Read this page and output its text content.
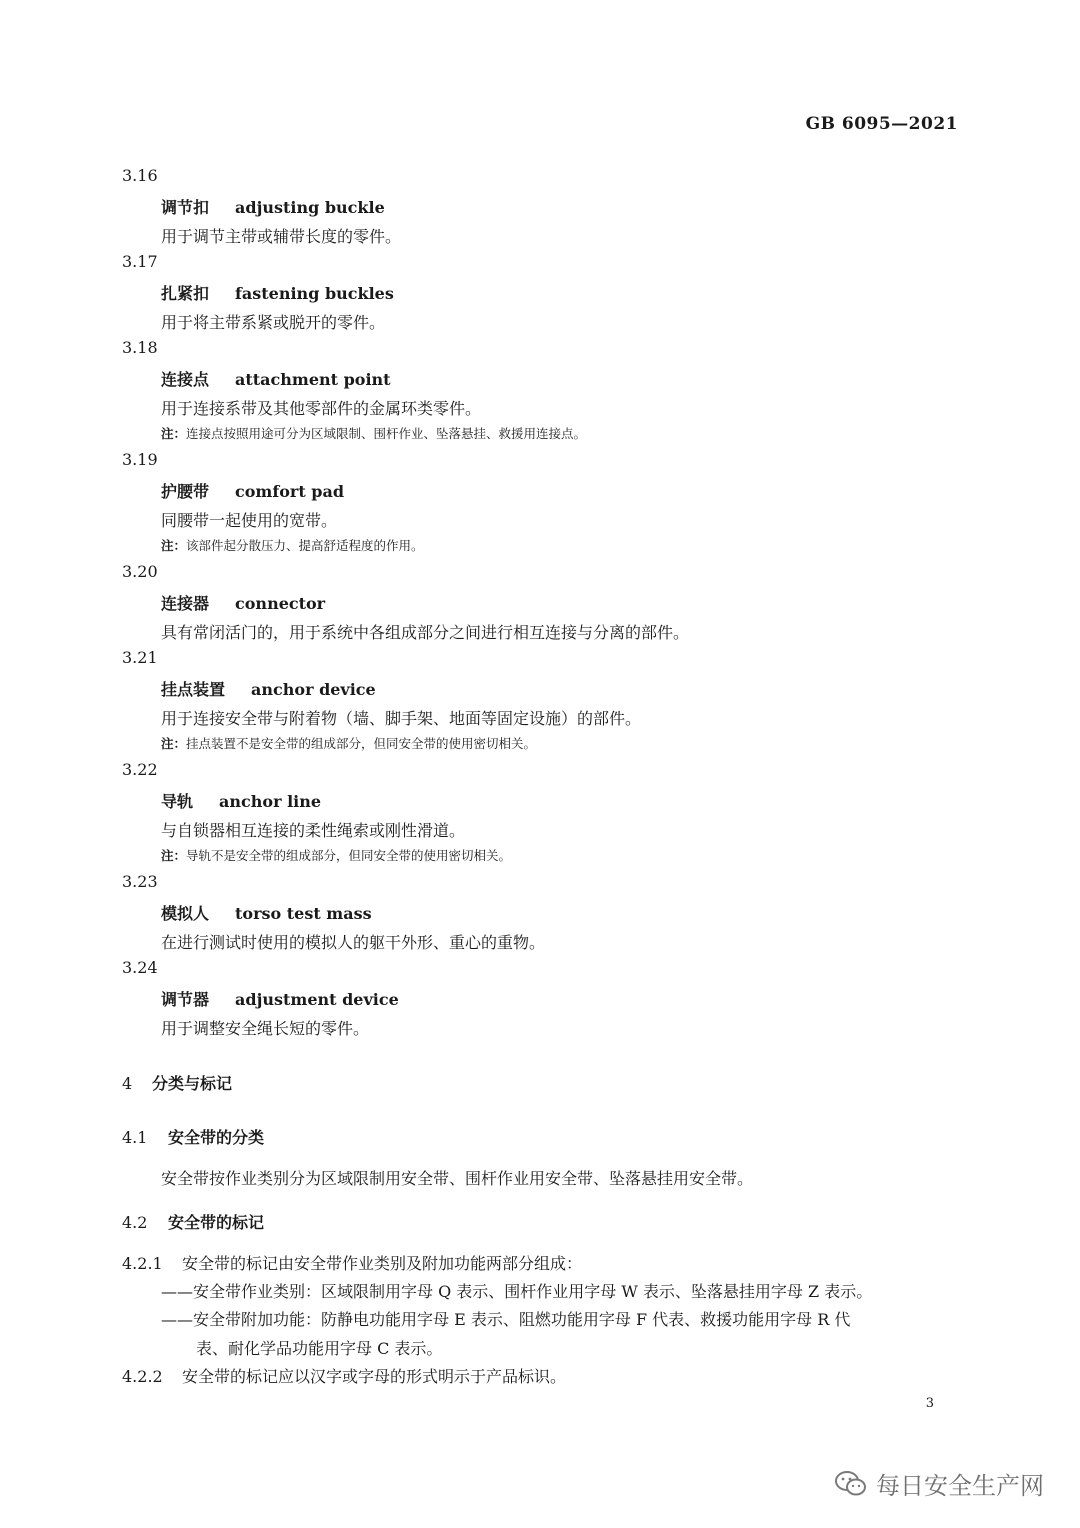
GB 6095—2021
3.16
调节扣 adjusting buckle
用于调节主带或辅带长度的零件。
3.17
扎紧扣 fastening buckles
用于将主带系紧或脱开的零件。
3.18
连接点 attachment point
用于连接系带及其他零部件的金属环类零件。
注：连接点按照用途可分为区域限制、围杆作业、坠落悬挂、救援用连接点。
3.19
护腰带 comfort pad
同腰带一起使用的宽带。
注：该部件起分散压力、提高舒适程度的作用。
3.20
连接器 connector
具有常闭活门的，用于系统中各组成部分之间进行相互连接与分离的部件。
3.21
挂点装置 anchor device
用于连接安全带与附着物（墙、脚手架、地面等固定设施）的部件。
注：挂点装置不是安全带的组成部分，但同安全带的使用密切相关。
3.22
导轨 anchor line
与自锁器相互连接的柔性绳索或刚性滑道。
注：导轨不是安全带的组成部分，但同安全带的使用密切相关。
3.23
模拟人 torso test mass
在进行测试时使用的模拟人的躯干外形、重心的重物。
3.24
调节器 adjustment device
用于调整安全绳长短的零件。
4 分类与标记
4.1 安全带的分类
安全带按作业类别分为区域限制用安全带、围杆作业用安全带、坠落悬挂用安全带。
4.2 安全带的标记
4.2.1 安全带的标记由安全带作业类别及附加功能两部分组成：
——安全带作业类别：区域限制用字母 Q 表示、围杆作业用字母 W 表示、坠落悬挂用字母 Z 表示。
——安全带附加功能：防静电功能用字母 E 表示、阻燃功能用字母 F 代表、救援功能用字母 R 代
表、耐化学品功能用字母 C 表示。
4.2.2 安全带的标记应以汉字或字母的形式明示于产品标识。
3
每日安全生产网
